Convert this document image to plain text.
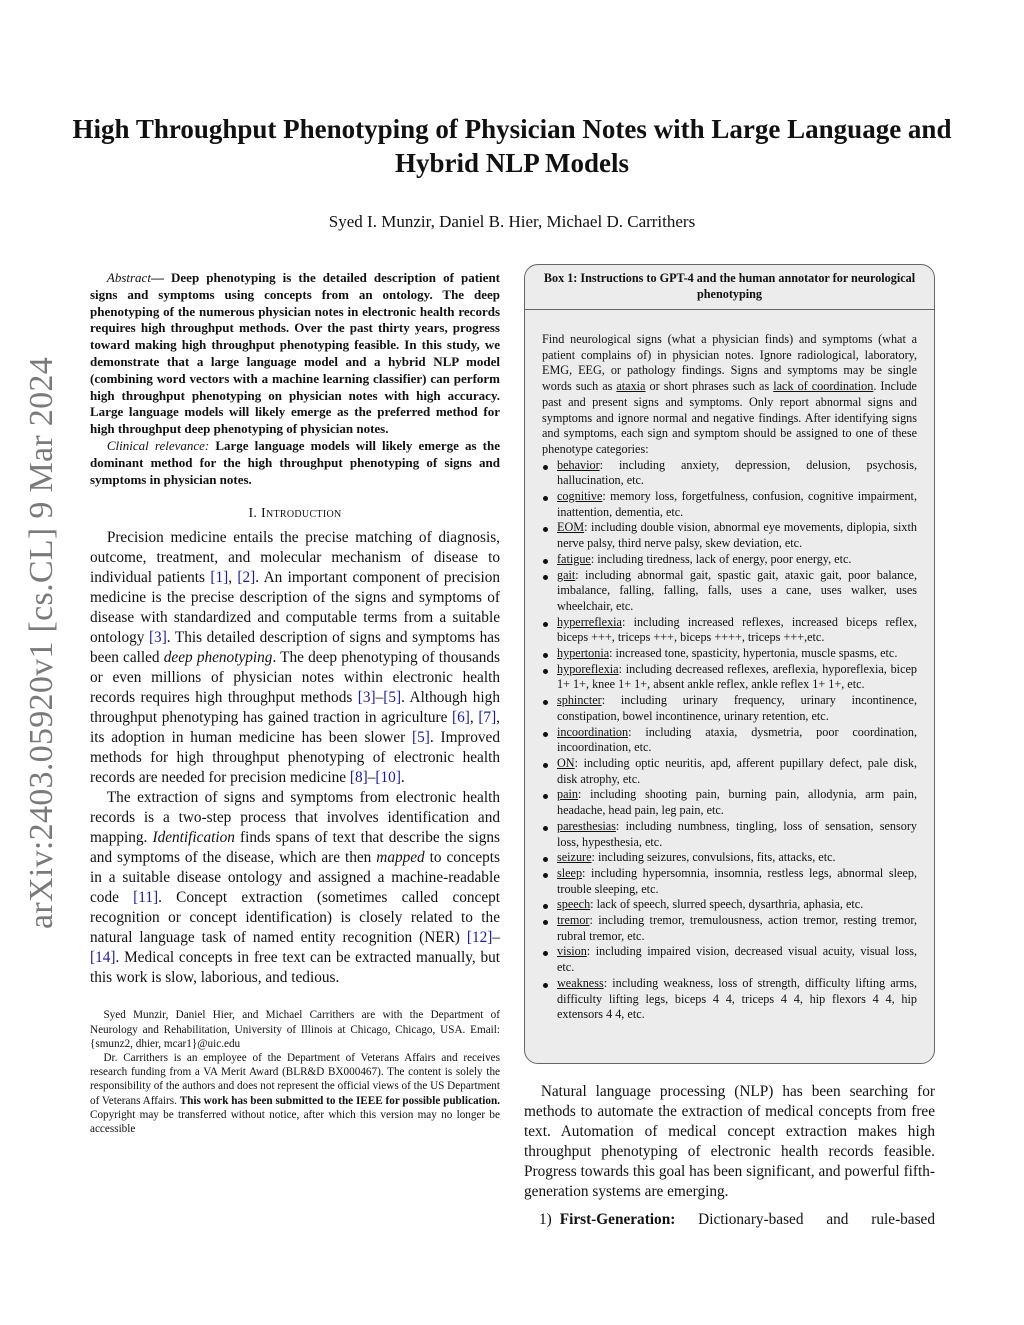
arXiv:2403.05920v1 [cs.CL] 9 Mar 2024
High Throughput Phenotyping of Physician Notes with Large Language and Hybrid NLP Models
Syed I. Munzir, Daniel B. Hier, Michael D. Carrithers

Abstract— Deep phenotyping is the detailed description of patient signs and symptoms using concepts from an ontology. The deep phenotyping of the numerous physician notes in electronic health records requires high throughput methods. Over the past thirty years, progress toward making high throughput phenotyping feasible. In this study, we demonstrate that a large language model and a hybrid NLP model (combining word vectors with a machine learning classifier) can perform high throughput phenotyping on physician notes with high accuracy. Large language models will likely emerge as the preferred method for high throughput deep phenotyping of physician notes.

Clinical relevance: Large language models will likely emerge as the dominant method for the high throughput phenotyping of signs and symptoms in physician notes.

I. Introduction

Precision medicine entails the precise matching of diagnosis, outcome, treatment, and molecular mechanism of disease to individual patients [1], [2]. An important component of precision medicine is the precise description of the signs and symptoms of disease with standardized and computable terms from a suitable ontology [3]. This detailed description of signs and symptoms has been called deep phenotyping. The deep phenotyping of thousands or even millions of physician notes within electronic health records requires high throughput methods [3]–[5]. Although high throughput phenotyping has gained traction in agriculture [6], [7], its adoption in human medicine has been slower [5]. Improved methods for high throughput phenotyping of electronic health records are needed for precision medicine [8]–[10].

The extraction of signs and symptoms from electronic health records is a two-step process that involves identification and mapping. Identification finds spans of text that describe the signs and symptoms of the disease, which are then mapped to concepts in a suitable disease ontology and assigned a machine-readable code [11]. Concept extraction (sometimes called concept recognition or concept identification) is closely related to the natural language task of named entity recognition (NER) [12]–[14]. Medical concepts in free text can be extracted manually, but this work is slow, laborious, and tedious.

Syed Munzir, Daniel Hier, and Michael Carrithers are with the Department of Neurology and Rehabilitation, University of Illinois at Chicago, Chicago, USA. Email: {smunz2, dhier, mcar1}@uic.edu

Dr. Carrithers is an employee of the Department of Veterans Affairs and receives research funding from a VA Merit Award (BLR&D BX000467). The content is solely the responsibility of the authors and does not represent the official views of the US Department of Veterans Affairs. This work has been submitted to the IEEE for possible publication. Copyright may be transferred without notice, after which this version may no longer be accessible

Box 1: Instructions to GPT-4 and the human annotator for neurological phenotyping

Find neurological signs (what a physician finds) and symptoms (what a patient complains of) in physician notes. Ignore radiological, laboratory, EMG, EEG, or pathology findings. Signs and symptoms may be single words such as ataxia or short phrases such as lack of coordination. Include past and present signs and symptoms. Only report abnormal signs and symptoms and ignore normal and negative findings. After identifying signs and symptoms, each sign and symptom should be assigned to one of these phenotype categories:

behavior: including anxiety, depression, delusion, psychosis, hallucination, etc.
cognitive: memory loss, forgetfulness, confusion, cognitive impairment, inattention, dementia, etc.
EOM: including double vision, abnormal eye movements, diplopia, sixth nerve palsy, third nerve palsy, skew deviation, etc.
fatigue: including tiredness, lack of energy, poor energy, etc.
gait: including abnormal gait, spastic gait, ataxic gait, poor balance, imbalance, falling, falling, falls, uses a cane, uses walker, uses wheelchair, etc.
hyperreflexia: including increased reflexes, increased biceps reflex, biceps +++, triceps +++, biceps ++++, triceps +++,etc.
hypertonia: increased tone, spasticity, hypertonia, muscle spasms, etc.
hyporeflexia: including decreased reflexes, areflexia, hyporeflexia, bicep 1+ 1+, knee 1+ 1+, absent ankle reflex, ankle reflex 1+ 1+, etc.
sphincter: including urinary frequency, urinary incontinence, constipation, bowel incontinence, urinary retention, etc.
incoordination: including ataxia, dysmetria, poor coordination, incoordination, etc.
ON: including optic neuritis, apd, afferent pupillary defect, pale disk, disk atrophy, etc.
pain: including shooting pain, burning pain, allodynia, arm pain, headache, head pain, leg pain, etc.
paresthesias: including numbness, tingling, loss of sensation, sensory loss, hypesthesia, etc.
seizure: including seizures, convulsions, fits, attacks, etc.
sleep: including hypersomnia, insomnia, restless legs, abnormal sleep, trouble sleeping, etc.
speech: lack of speech, slurred speech, dysarthria, aphasia, etc.
tremor: including tremor, tremulousness, action tremor, resting tremor, rubral tremor, etc.
vision: including impaired vision, decreased visual acuity, visual loss, etc.
weakness: including weakness, loss of strength, difficulty lifting arms, difficulty lifting legs, biceps 4 4, triceps 4 4, hip flexors 4 4, hip extensors 4 4, etc.

Natural language processing (NLP) has been searching for methods to automate the extraction of medical concepts from free text. Automation of medical concept extraction makes high throughput phenotyping of electronic health records feasible. Progress towards this goal has been significant, and powerful fifth-generation systems are emerging.

1) First-Generation: Dictionary-based and rule-based
